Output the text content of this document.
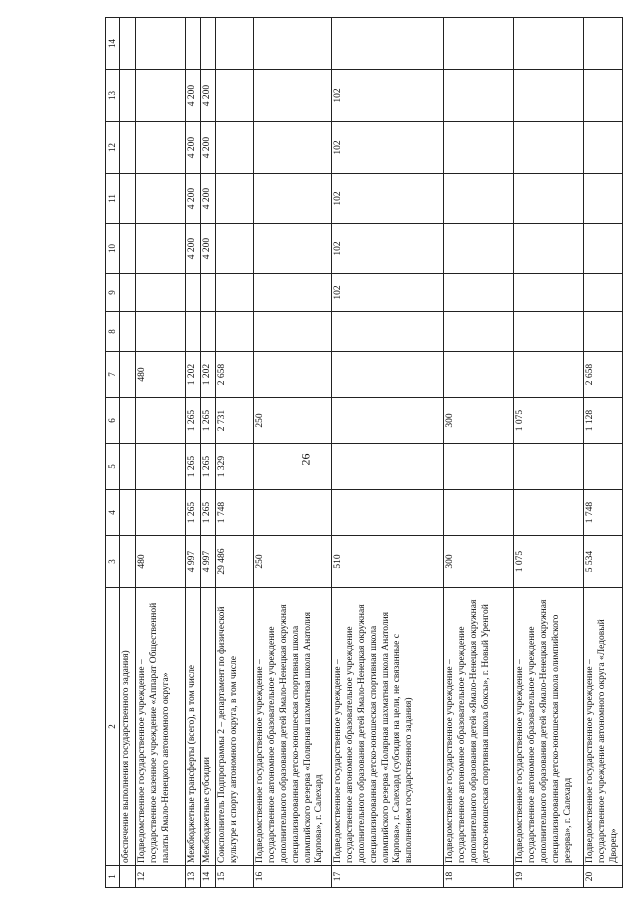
26
1	2	3	4	5	6	7	8	9	10	11	12	13	14
	обеспечение выполнения государственного задания)												
12	Подведомственное государственное учреждение – государственное казенное учреждение «Аппарат Общественной палаты Ямало-Ненецкого автономного округа»	480				480							
13	Межбюджетные трансферты (всего), в том числе	4 997	1 265	1 265	1 265	1 202			4 200	4 200	4 200	4 200	
14	Межбюджетные субсидии	4 997	1 265	1 265	1 265	1 202			4 200	4 200	4 200	4 200	
15	Соисполнитель Подпрограммы 2 – департамент по физической культуре и спорту автономного округа, в том числе	29 486	1 748	1 329	2 731	2 658							
16	Подведомственное государственное учреждение – государственное автономное образовательное учреждение дополнительного образования детей Ямало-Ненецкая окружная специализированная детско-юношеская спортивная школа олимпийского резерва «Полярная шахматная школа Анатолия Карпова», г. Салехард	250			250								
17	Подведомственное государственное учреждение – государственное автономное образовательное учреждение дополнительного образования детей Ямало-Ненецкая окружная специализированная детско-юношеская спортивная школа олимпийского резерва «Полярная шахматная школа Анатолия Карпова», г. Салехард (субсидия на цели, не связанные с выполнением государственного задания)	510						102	102	102	102	102	
18	Подведомственное государственное учреждение – государственное автономное образовательное учреждение дополнительного образования детей «Ямало-Ненецкая окружная детско-юношеская спортивная школа боксы», г. Новый Уренгой	300			300								
19	Подведомственное государственное учреждение – государственное автономное образовательное учреждение дополнительного образования детей «Ямало-Ненецкая окружная специализированная детско-юношеская школа олимпийского резерва», г. Салехард	1 075			1 075								
20	Подведомственное государственное учреждение – государственное учреждение автономного округа «Ледовый Дворец»	5 534	1 748		1 128	2 658							
